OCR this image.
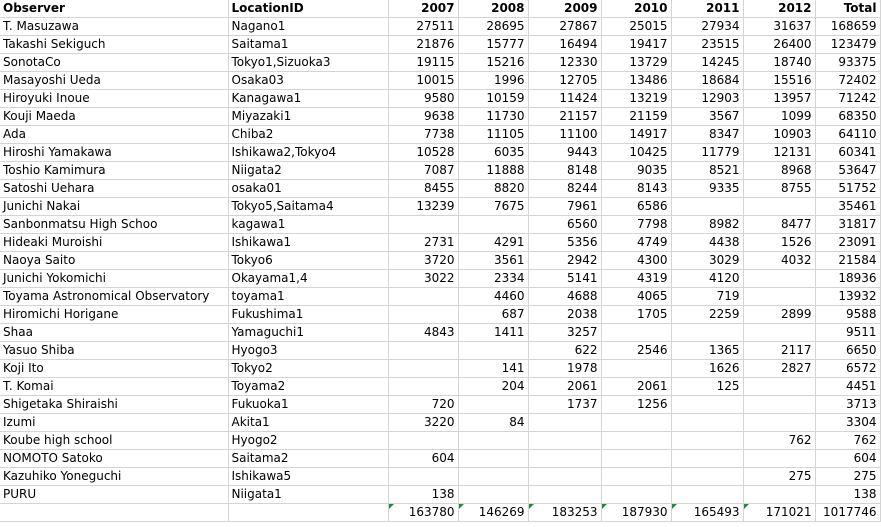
Observer	LocationID	2007	2008	2009	2010	2011	2012	Total
T. Masuzawa	Nagano1	27511	28695	27867	25015	27934	31637	168659
Takashi Sekiguch	Saitama1	21876	15777	16494	19417	23515	26400	123479
SonotaCo	Tokyo1,Sizuoka3	19115	15216	12330	13729	14245	18740	93375
Masayoshi Ueda	Osaka03	10015	1996	12705	13486	18684	15516	72402
Hiroyuki Inoue	Kanagawa1	9580	10159	11424	13219	12903	13957	71242
Kouji Maeda	Miyazaki1	9638	11730	21157	21159	3567	1099	68350
Ada	Chiba2	7738	11105	11100	14917	8347	10903	64110
Hiroshi Yamakawa	Ishikawa2,Tokyo4	10528	6035	9443	10425	11779	12131	60341
Toshio Kamimura	Niigata2	7087	11888	8148	9035	8521	8968	53647
Satoshi Uehara	osaka01	8455	8820	8244	8143	9335	8755	51752
Junichi Nakai	Tokyo5,Saitama4	13239	7675	7961	6586			35461
Sanbonmatsu High Schoo	kagawa1			6560	7798	8982	8477	31817
Hideaki Muroishi	Ishikawa1	2731	4291	5356	4749	4438	1526	23091
Naoya Saito	Tokyo6	3720	3561	2942	4300	3029	4032	21584
Junichi Yokomichi	Okayama1,4	3022	2334	5141	4319	4120		18936
Toyama Astronomical Observatory	toyama1		4460	4688	4065	719		13932
Hiromichi Horigane	Fukushima1		687	2038	1705	2259	2899	9588
Shaa	Yamaguchi1	4843	1411	3257				9511
Yasuo Shiba	Hyogo3			622	2546	1365	2117	6650
Koji Ito	Tokyo2		141	1978		1626	2827	6572
T. Komai	Toyama2		204	2061	2061	125		4451
Shigetaka Shiraishi	Fukuoka1	720		1737	1256			3713
Izumi	Akita1	3220	84					3304
Koube high school	Hyogo2						762	762
NOMOTO Satoko	Saitama2	604						604
Kazuhiko Yoneguchi	Ishikawa5						275	275
PURU	Niigata1	138						138
		163780	146269	183253	187930	165493	171021	1017746
